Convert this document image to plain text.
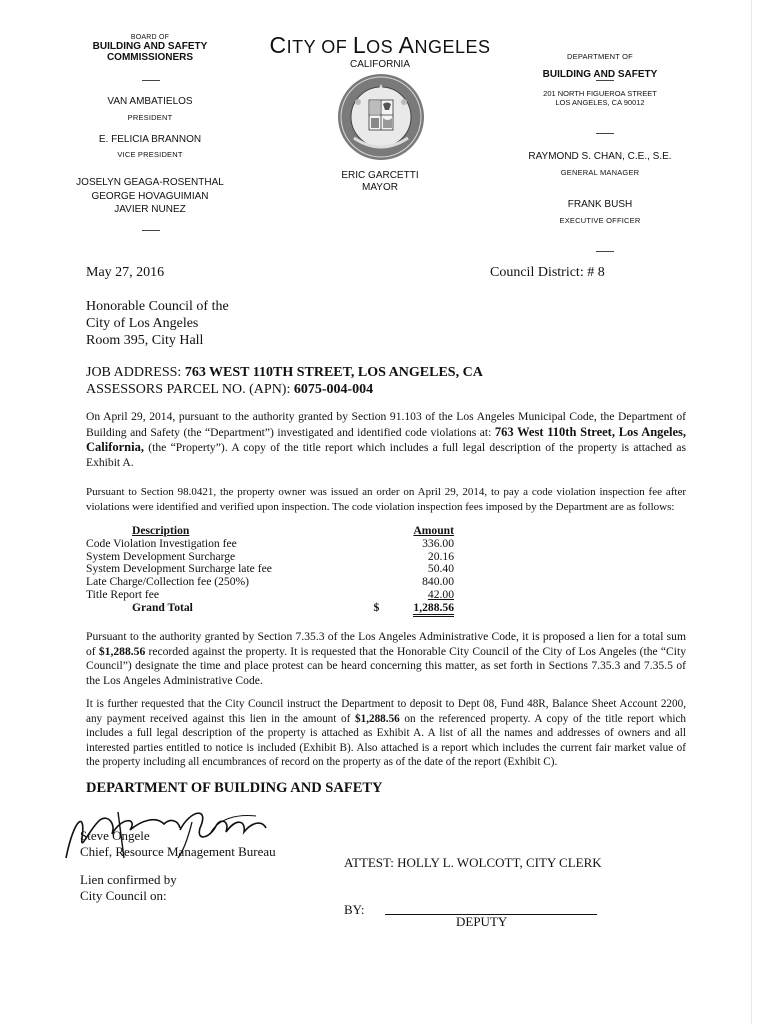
BOARD OF
BUILDING AND SAFETY
COMMISSIONERS
VAN AMBATIELOS
PRESIDENT
E. FELICIA BRANNON
VICE PRESIDENT
JOSELYN GEAGA-ROSENTHAL
GEORGE HOVAGUIMIAN
JAVIER NUNEZ
CITY OF LOS ANGELES
CALIFORNIA
ERIC GARCETTI
MAYOR
DEPARTMENT OF
BUILDING AND SAFETY
201 NORTH FIGUEROA STREET
LOS ANGELES, CA 90012
RAYMOND S. CHAN, C.E., S.E.
GENERAL MANAGER
FRANK BUSH
EXECUTIVE OFFICER
May 27, 2016	Council District: # 8
Honorable Council of the
City of Los Angeles
Room 395, City Hall
JOB ADDRESS: 763 WEST 110TH STREET, LOS ANGELES, CA
ASSESSORS PARCEL NO. (APN): 6075-004-004
On April 29, 2014, pursuant to the authority granted by Section 91.103 of the Los Angeles Municipal Code, the Department of Building and Safety (the “Department”) investigated and identified code violations at: 763 West 110th Street, Los Angeles, California, (the “Property”). A copy of the title report which includes a full legal description of the property is attached as Exhibit A.
Pursuant to Section 98.0421, the property owner was issued an order on April 29, 2014, to pay a code violation inspection fee after violations were identified and verified upon inspection. The code violation inspection fees imposed by the Department are as follows:
Description		Amount
Code Violation Investigation fee		336.00
System Development Surcharge		20.16
System Development Surcharge late fee		50.40
Late Charge/Collection fee (250%)		840.00
Title Report fee		42.00
Grand Total	$	1,288.56
Pursuant to the authority granted by Section 7.35.3 of the Los Angeles Administrative Code, it is proposed a lien for a total sum of $1,288.56 recorded against the property. It is requested that the Honorable City Council of the City of Los Angeles (the “City Council”) designate the time and place protest can be heard concerning this matter, as set forth in Sections 7.35.3 and 7.35.5 of the Los Angeles Administrative Code.
It is further requested that the City Council instruct the Department to deposit to Dept 08, Fund 48R, Balance Sheet Account 2200, any payment received against this lien in the amount of $1,288.56 on the referenced property. A copy of the title report which includes a full legal description of the property is attached as Exhibit A. A list of all the names and addresses of owners and all interested parties entitled to notice is included (Exhibit B). Also attached is a report which includes the current fair market value of the property including all encumbrances of record on the property as of the date of the report (Exhibit C).
DEPARTMENT OF BUILDING AND SAFETY
Steve Ongele
Chief, Resource Management Bureau
ATTEST: HOLLY L. WOLCOTT, CITY CLERK
Lien confirmed by
City Council on:
BY:
DEPUTY
